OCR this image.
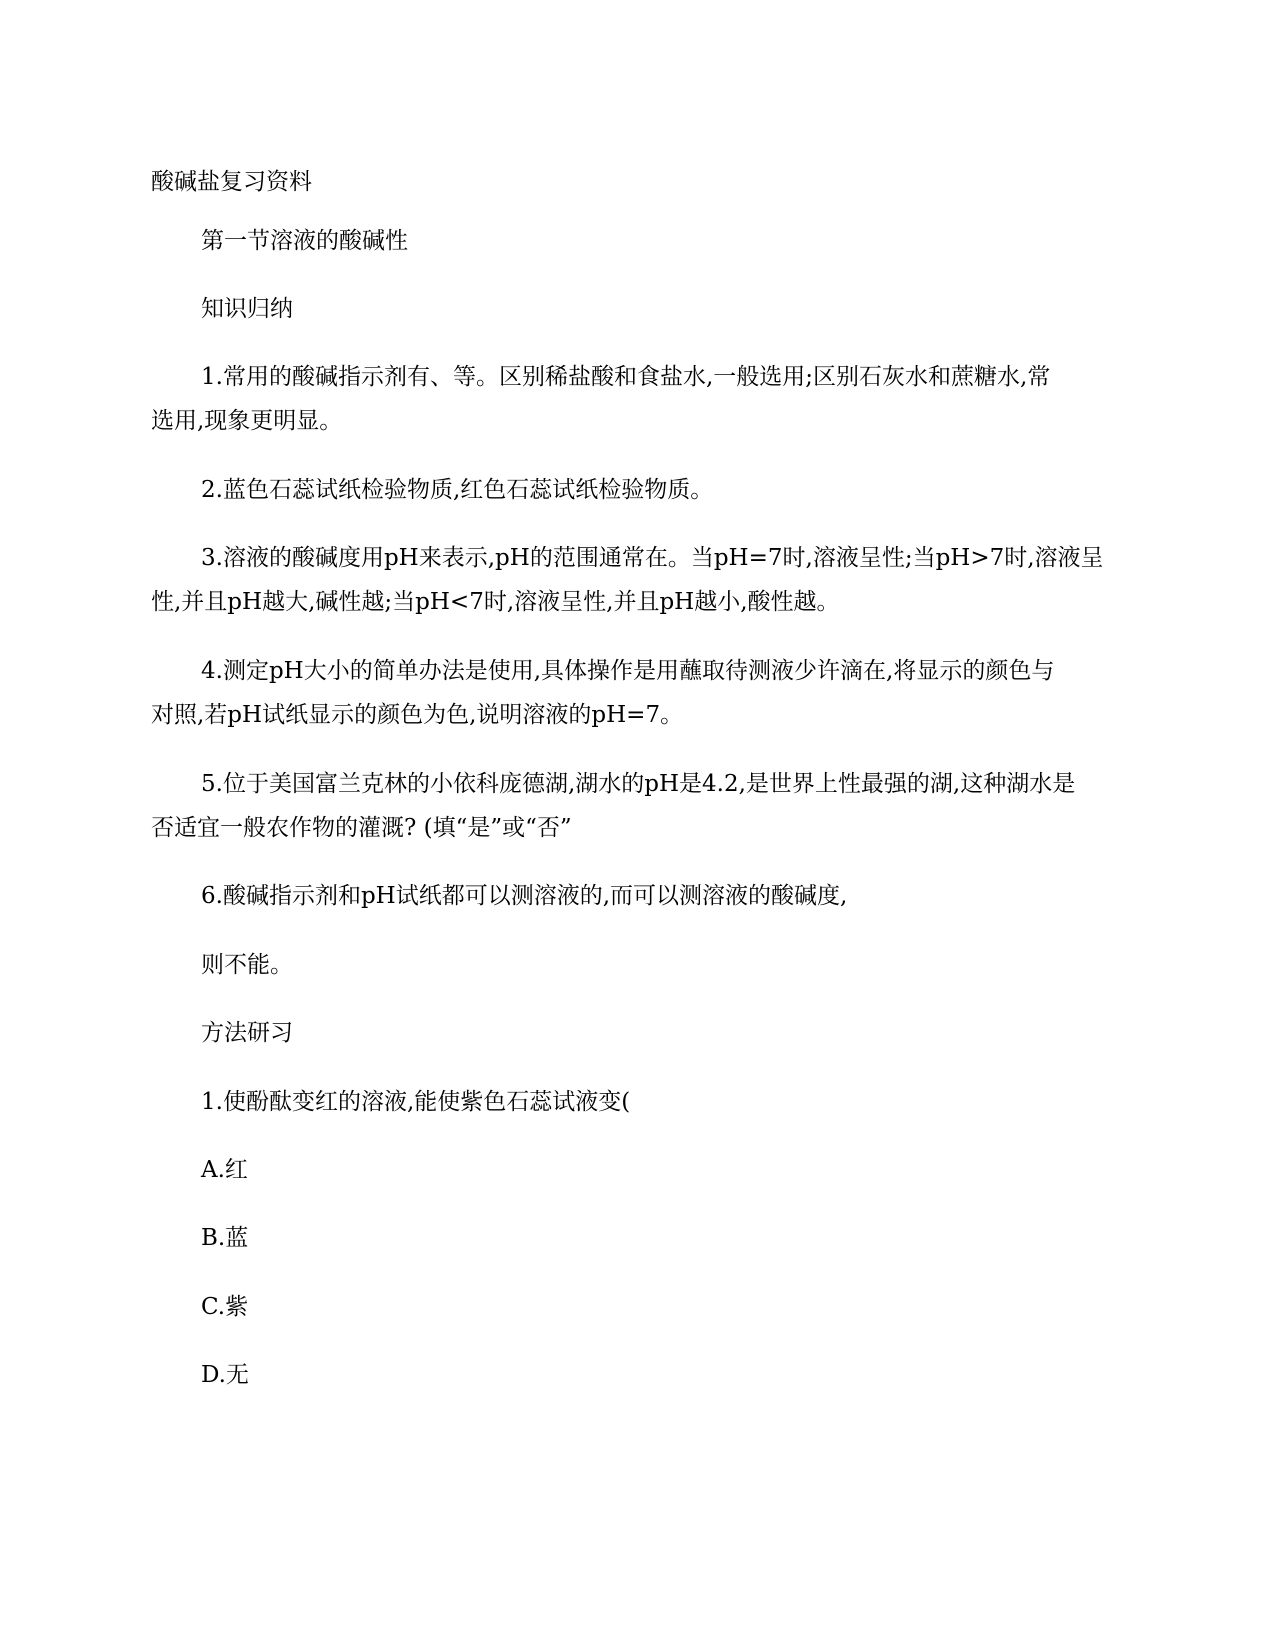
酸碱盐复习资料

第一节溶液的酸碱性

知识归纳

1.常用的酸碱指示剂有、等。区别稀盐酸和食盐水,一般选用;区别石灰水和蔗糖水,常

选用,现象更明显。

2.蓝色石蕊试纸检验物质,红色石蕊试纸检验物质。

3.溶液的酸碱度用pH来表示,pH的范围通常在。当pH=7时,溶液呈性;当pH>7时,溶液呈

性,并且pH越大,碱性越;当pH<7时,溶液呈性,并且pH越小,酸性越。

4.测定pH大小的简单办法是使用,具体操作是用蘸取待测液少许滴在,将显示的颜色与

对照,若pH试纸显示的颜色为色,说明溶液的pH=7。

5.位于美国富兰克林的小依科庞德湖,湖水的pH是4.2,是世界上性最强的湖,这种湖水是

否适宜一般农作物的灌溉? (填“是”或“否”

6.酸碱指示剂和pH试纸都可以测溶液的,而可以测溶液的酸碱度,

则不能。

方法研习

1.使酚酞变红的溶液,能使紫色石蕊试液变(

A.红

B.蓝

C.紫

D.无
